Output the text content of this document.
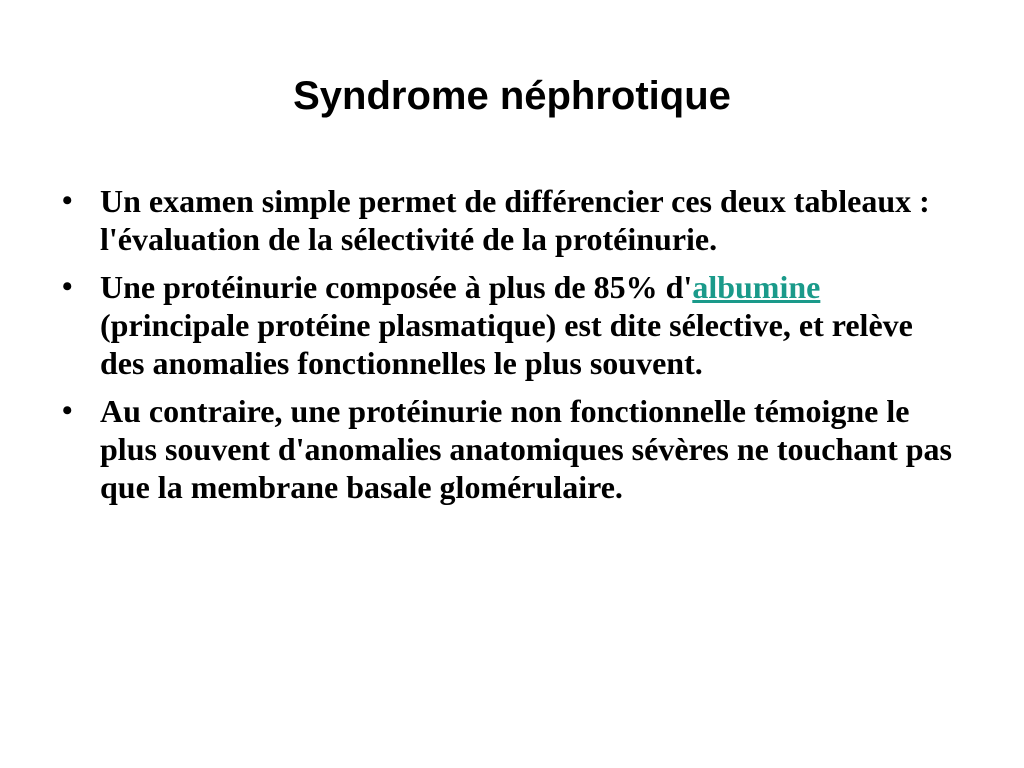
Syndrome néphrotique
• Un examen simple permet de différencier ces deux tableaux : l'évaluation de la sélectivité de la protéinurie.
• Une protéinurie composée à plus de 85% d'albumine (principale protéine plasmatique) est dite sélective, et relève des anomalies fonctionnelles le plus souvent.
• Au contraire, une protéinurie non fonctionnelle témoigne le plus souvent d'anomalies anatomiques sévères ne touchant pas que la membrane basale glomérulaire.
